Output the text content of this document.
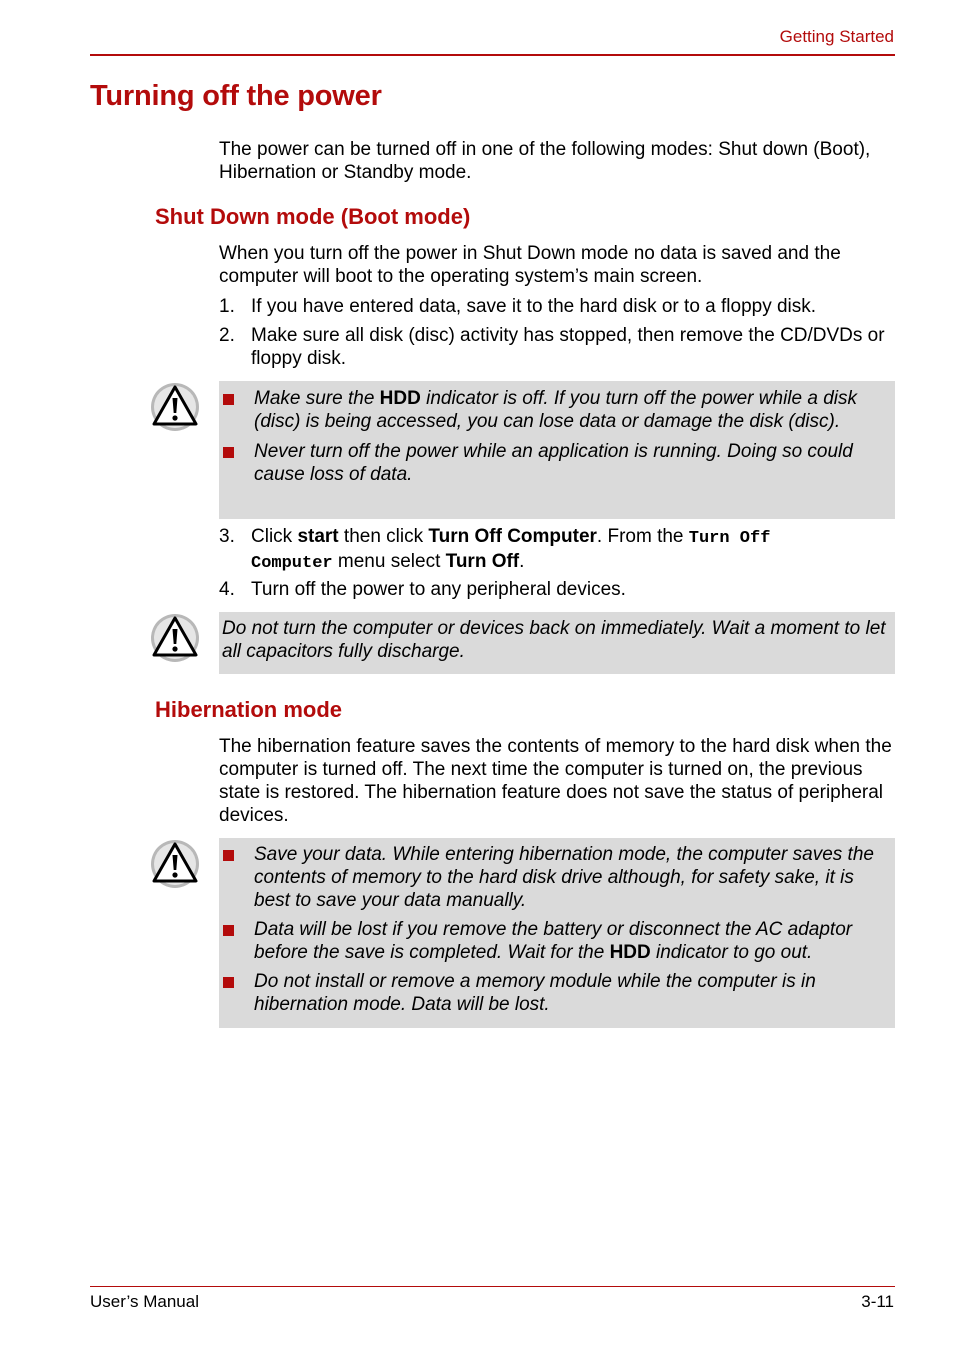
Getting Started
Turning off the power
The power can be turned off in one of the following modes: Shut down (Boot), Hibernation or Standby mode.
Shut Down mode (Boot mode)
When you turn off the power in Shut Down mode no data is saved and the computer will boot to the operating system’s main screen.
1. If you have entered data, save it to the hard disk or to a floppy disk.
2. Make sure all disk (disc) activity has stopped, then remove the CD/DVDs or floppy disk.
Make sure the HDD indicator is off. If you turn off the power while a disk (disc) is being accessed, you can lose data or damage the disk (disc).
Never turn off the power while an application is running. Doing so could cause loss of data.
3. Click start then click Turn Off Computer. From the Turn Off
Computer menu select Turn Off.
4. Turn off the power to any peripheral devices.
Do not turn the computer or devices back on immediately. Wait a moment to let all capacitors fully discharge.
Hibernation mode
The hibernation feature saves the contents of memory to the hard disk when the computer is turned off. The next time the computer is turned on, the previous state is restored. The hibernation feature does not save the status of peripheral devices.
Save your data. While entering hibernation mode, the computer saves the contents of memory to the hard disk drive although, for safety sake, it is best to save your data manually.
Data will be lost if you remove the battery or disconnect the AC adaptor before the save is completed. Wait for the HDD indicator to go out.
Do not install or remove a memory module while the computer is in hibernation mode. Data will be lost.
User’s Manual	3-11
